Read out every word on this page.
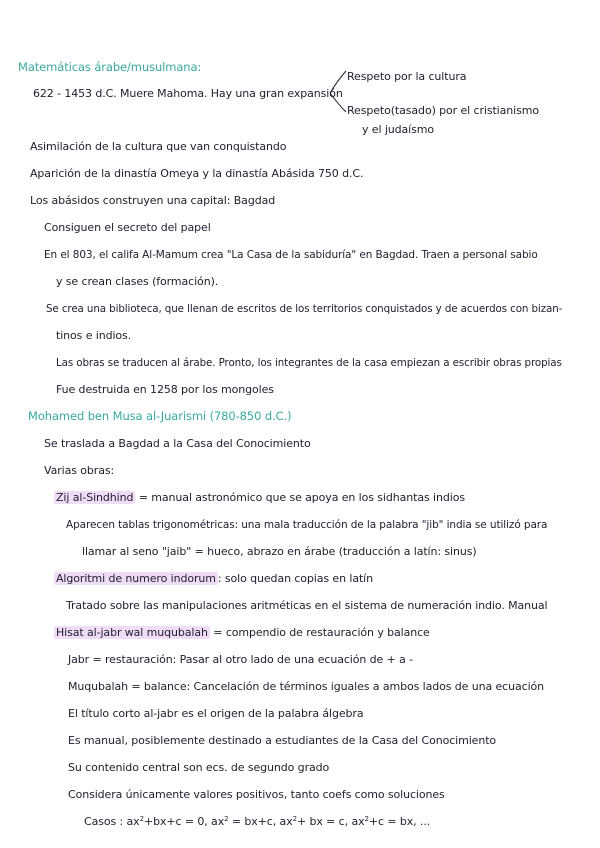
Matemáticas árabe/musulmana:
622 - 1453 d.C. Muere Mahoma. Hay una gran expansión
Respeto por la cultura
Respeto(tasado) por el cristianismo
y el judaísmo
Asimilación de la cultura que van conquistando
Aparición de la dinastía Omeya y la dinastía Abásida 750 d.C.
Los abásidos construyen una capital: Bagdad
Consiguen el secreto del papel
En el 803, el califa Al-Mamum crea "La Casa de la sabiduría" en Bagdad. Traen a personal sabio
y se crean clases (formación).
Se crea una biblioteca, que llenan de escritos de los territorios conquistados y de acuerdos con bizan-
tinos e indios.
Las obras se traducen al árabe. Pronto, los integrantes de la casa empiezan a escribir obras propias
Fue destruida en 1258 por los mongoles
Mohamed ben Musa al-Juarismi (780-850 d.C.)
Se traslada a Bagdad a la Casa del Conocimiento
Varias obras:
Zij al-Sindhind = manual astronómico que se apoya en los sidhantas indios
Aparecen tablas trigonométricas: una mala traducción de la palabra "jib" india se utilizó para
llamar al seno "jaib" = hueco, abrazo en árabe (traducción a latín: sinus)
Algoritmi de numero indorum : solo quedan copias en latín
Tratado sobre las manipulaciones aritméticas en el sistema de numeración indio. Manual
Hisat al-jabr wal muqubalah = compendio de restauración y balance
Jabr = restauración: Pasar al otro lado de una ecuación de + a -
Muqubalah = balance: Cancelación de términos iguales a ambos lados de una ecuación
El título corto al-jabr es el origen de la palabra álgebra
Es manual, posiblemente destinado a estudiantes de la Casa del Conocimiento
Su contenido central son ecs. de segundo grado
Considera únicamente valores positivos, tanto coefs como soluciones
Casos : $ax^2+bx+c = 0$, $ax^2 = bx+c$, $ax^2+$ bx = c, $ax^2+c$ = bx, ...
